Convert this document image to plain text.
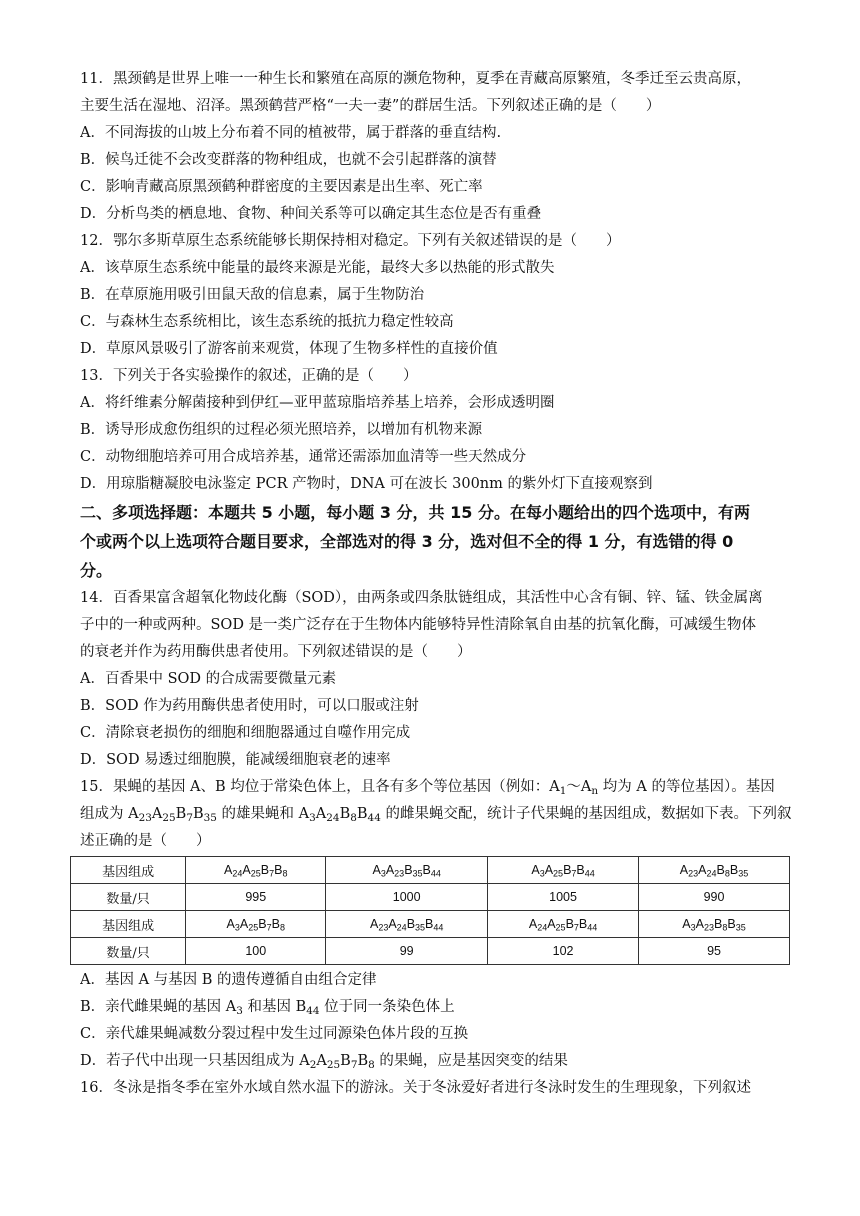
11．黑颈鹤是世界上唯一一种生长和繁殖在高原的濒危物种，夏季在青藏高原繁殖，冬季迁至云贵高原，
主要生活在湿地、沼泽。黑颈鹤营严格“一夫一妻”的群居生活。下列叙述正确的是（　　）
A．不同海拔的山坡上分布着不同的植被带，属于群落的垂直结构.
B．候鸟迁徙不会改变群落的物种组成，也就不会引起群落的演替
C．影响青藏高原黑颈鹤种群密度的主要因素是出生率、死亡率
D．分析鸟类的栖息地、食物、种间关系等可以确定其生态位是否有重叠
12．鄂尔多斯草原生态系统能够长期保持相对稳定。下列有关叙述错误的是（　　）
A．该草原生态系统中能量的最终来源是光能，最终大多以热能的形式散失
B．在草原施用吸引田鼠天敌的信息素，属于生物防治
C．与森林生态系统相比，该生态系统的抵抗力稳定性较高
D．草原风景吸引了游客前来观赏，体现了生物多样性的直接价值
13．下列关于各实验操作的叙述，正确的是（　　）
A．将纤维素分解菌接种到伊红—亚甲蓝琼脂培养基上培养，会形成透明圈
B．诱导形成愈伤组织的过程必须光照培养，以增加有机物来源
C．动物细胞培养可用合成培养基，通常还需添加血清等一些天然成分
D．用琼脂糖凝胶电泳鉴定 PCR 产物时，DNA 可在波长 300nm 的紫外灯下直接观察到
二、多项选择题：本题共 5 小题，每小题 3 分，共 15 分。在每小题给出的四个选项中，有两
个或两个以上选项符合题目要求，全部选对的得 3 分，选对但不全的得 1 分，有选错的得 0
分。
14．百香果富含超氧化物歧化酶（SOD），由两条或四条肽链组成，其活性中心含有铜、锌、锰、铁金属离
子中的一种或两种。SOD 是一类广泛存在于生物体内能够特异性清除氧自由基的抗氧化酶，可减缓生物体
的衰老并作为药用酶供患者使用。下列叙述错误的是（　　）
A．百香果中 SOD 的合成需要微量元素
B．SOD 作为药用酶供患者使用时，可以口服或注射
C．清除衰老损伤的细胞和细胞器通过自噬作用完成
D．SOD 易透过细胞膜，能减缓细胞衰老的速率
15．果蝇的基因 A、B 均位于常染色体上，且各有多个等位基因（例如：$A_1\sim A_n$ 均为 A 的等位基因）。基因
组成为 $A_{23}A_{25}B_7B_{35}$ 的雄果蝇和 $A_3A_{24}B_8B_{44}$ 的雌果蝇交配，统计子代果蝇的基因组成，数据如下表。下列叙
述正确的是（　　）
基因组成	$A_{24}A_{25}B_7B_8$	$A_3A_{23}B_{35}B_{44}$	$A_3A_{25}B_7B_{44}$	$A_{23}A_{24}B_8B_{35}$
数量/只	995	1000	1005	990
基因组成	$A_3A_{25}B_7B_8$	$A_{23}A_{24}B_{35}B_{44}$	$A_{24}A_{25}B_7B_{44}$	$A_3A_{23}B_8B_{35}$
数量/只	100	99	102	95
A．基因 A 与基因 B 的遗传遵循自由组合定律
B．亲代雌果蝇的基因 $A_3$ 和基因 $B_{44}$ 位于同一条染色体上
C．亲代雄果蝇减数分裂过程中发生过同源染色体片段的互换
D．若子代中出现一只基因组成为 $A_2A_{25}B_7B_8$ 的果蝇，应是基因突变的结果
16．冬泳是指冬季在室外水域自然水温下的游泳。关于冬泳爱好者进行冬泳时发生的生理现象，下列叙述
